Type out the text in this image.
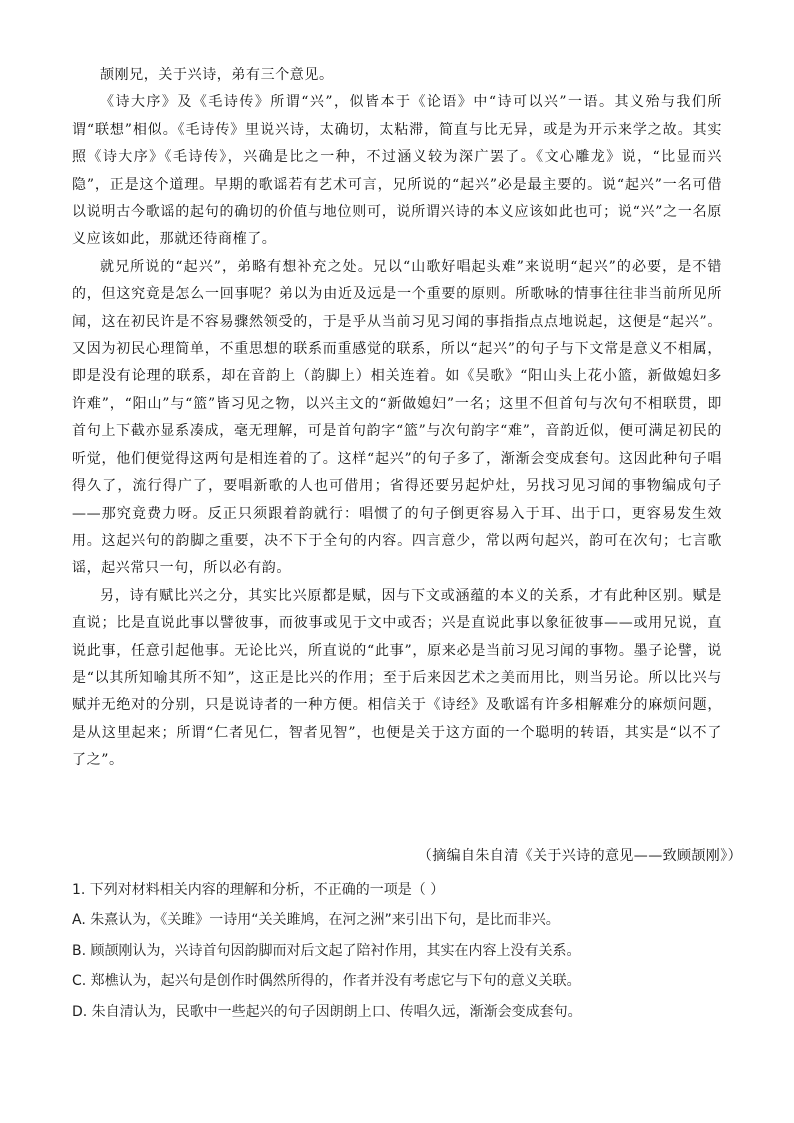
颉刚兄，关于兴诗，弟有三个意见。

《诗大序》及《毛诗传》所谓“兴”，似皆本于《论语》中“诗可以兴”一语。其义殆与我们所谓“联想”相似。《毛诗传》里说兴诗，太确切，太粘滞，简直与比无异，或是为开示来学之故。其实照《诗大序》《毛诗传》，兴确是比之一种，不过涵义较为深广罢了。《文心雕龙》说，“比显而兴隐”，正是这个道理。早期的歌谣若有艺术可言，兄所说的“起兴”必是最主要的。说“起兴”一名可借以说明古今歌谣的起句的确切的价值与地位则可，说所谓兴诗的本义应该如此也可；说“兴”之一名原义应该如此，那就还待商榷了。

就兄所说的“起兴”，弟略有想补充之处。兄以“山歌好唱起头难”来说明“起兴”的必要，是不错的，但这究竟是怎么一回事呢？弟以为由近及远是一个重要的原则。所歌咏的情事往往非当前所见所闻，这在初民许是不容易骤然领受的，于是乎从当前习见习闻的事指指点点地说起，这便是“起兴”。又因为初民心理简单，不重思想的联系而重感觉的联系，所以“起兴”的句子与下文常是意义不相属，即是没有论理的联系，却在音韵上（韵脚上）相关连着。如《吴歌》“阳山头上花小篮，新做媳妇多许难”，“阳山”与“篮”皆习见之物，以兴主文的“新做媳妇”一名；这里不但首句与次句不相联贯，即首句上下截亦显系凑成，毫无理解，可是首句韵字“篮”与次句韵字“难”，音韵近似，便可满足初民的听觉，他们便觉得这两句是相连着的了。这样“起兴”的句子多了，渐渐会变成套句。这因此种句子唱得久了，流行得广了，要唱新歌的人也可借用；省得还要另起炉灶，另找习见习闻的事物编成句子——那究竟费力呀。反正只须跟着韵就行：唱惯了的句子倒更容易入于耳、出于口，更容易发生效用。这起兴句的韵脚之重要，决不下于全句的内容。四言意少，常以两句起兴，韵可在次句；七言歌谣，起兴常只一句，所以必有韵。

另，诗有赋比兴之分，其实比兴原都是赋，因与下文或涵蕴的本义的关系，才有此种区别。赋是直说；比是直说此事以譬彼事，而彼事或见于文中或否；兴是直说此事以象征彼事——或用兄说，直说此事，任意引起他事。无论比兴，所直说的“此事”，原来必是当前习见习闻的事物。墨子论譬，说是“以其所知喻其所不知”，这正是比兴的作用；至于后来因艺术之美而用比，则当另论。所以比兴与赋并无绝对的分别，只是说诗者的一种方便。相信关于《诗经》及歌谣有许多相解难分的麻烦问题，是从这里起来；所谓“仁者见仁，智者见智”，也便是关于这方面的一个聪明的转语，其实是“以不了了之”。

（摘编自朱自清《关于兴诗的意见——致顾颉刚》）

1. 下列对材料相关内容的理解和分析，不正确的一项是（ ）

A. 朱熹认为，《关雎》一诗用“关关雎鸠，在河之洲”来引出下句，是比而非兴。

B. 顾颉刚认为，兴诗首句因韵脚而对后文起了陪衬作用，其实在内容上没有关系。

C. 郑樵认为，起兴句是创作时偶然所得的，作者并没有考虑它与下句的意义关联。

D. 朱自清认为，民歌中一些起兴的句子因朗朗上口、传唱久远，渐渐会变成套句。
